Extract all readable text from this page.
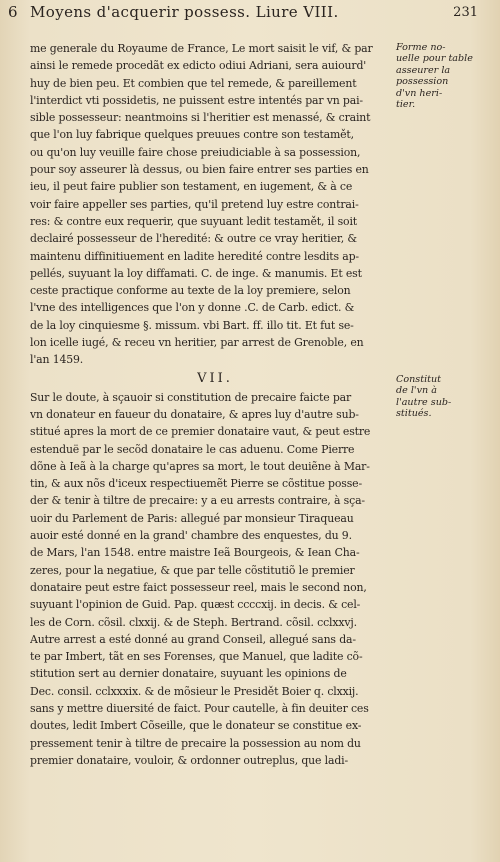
6 Moyens d'acquerir possess. Liure VIII.	231
me generale du Royaume de France, Le mort saisit le vif, & par
ainsi le remede procedãt ex edicto odiui Adriani, sera auiourd'
huy de bien peu. Et combien que tel remede, & pareillement
l'interdict vti possidetis, ne puissent estre intentés par vn pai-
sible possesseur: neantmoins si l'heritier est menassé, & craint
que l'on luy fabrique quelques preuues contre son testamět,
ou qu'on luy veuille faire chose preiudiciable à sa possession,
pour soy asseurer là dessus, ou bien faire entrer ses parties en
ieu, il peut faire publier son testament, en iugement, & à ce
voir faire appeller ses parties, qu'il pretend luy estre contrai-
res: & contre eux requerir, que suyuant ledit testamět, il soit
declairé possesseur de l'heredité: & outre ce vray heritier, &
maintenu diffinitiuement en ladite heredité contre lesdits ap-
pellés, suyuant la loy diffamati. C. de inge. & manumis. Et est
ceste practique conforme au texte de la loy premiere, selon
l'vne des intelligences que l'on y donne .C. de Carb. edict. &
de la loy cinquiesme §. missum. vbi Bart. ff. illo tit. Et fut se-
lon icelle iugé, & receu vn heritier, par arrest de Grenoble, en
l'an 1459.
VII.
Sur le doute, à sçauoir si constitution de precaire faicte par
vn donateur en faueur du donataire, & apres luy d'autre sub-
stitué apres la mort de ce premier donataire vaut, & peut estre
estenduë par le secõd donataire le cas aduenu. Come Pierre
dõne à Ieã à la charge qu'apres sa mort, le tout deuiẽne à Mar-
tin, & aux nõs d'iceux respectiuemẽt Pierre se cõstitue posse-
der & tenir à tiltre de precaire: y a eu arrests contraire, à sça-
uoir du Parlement de Paris: allegué par monsieur Tiraqueau
auoir esté donné en la grand' chambre des enquestes, du 9.
de Mars, l'an 1548. entre maistre Ieã Bourgeois, & Iean Cha-
zeres, pour la negatiue, & que par telle cõstitutiõ le premier
donataire peut estre faict possesseur reel, mais le second non,
suyuant l'opinion de Guid. Pap. quæst ccccxij. in decis. & cel-
les de Corn. cõsil. clxxij. & de Steph. Bertrand. cõsil. cclxxvj.
Autre arrest a esté donné au grand Conseil, allegué sans da-
te par Imbert, tãt en ses Forenses, que Manuel, que ladite cõ-
stitution sert au dernier donataire, suyuant les opinions de
Dec. consil. cclxxxix. & de mõsieur le Presidět Boier q. clxxij.
sans y mettre diuersité de faict. Pour cautelle, à fin deuiter ces
doutes, ledit Imbert Cõseille, que le donateur se constitue ex-
pressement tenir à tiltre de precaire la possession au nom du
premier donataire, vouloir, & ordonner outreplus, que ladi-
Forme no-
uelle pour table
asseurer la
possession
d'vn heri-
tier.
Constitut
de l'vn à
l'autre sub-
stitués.
